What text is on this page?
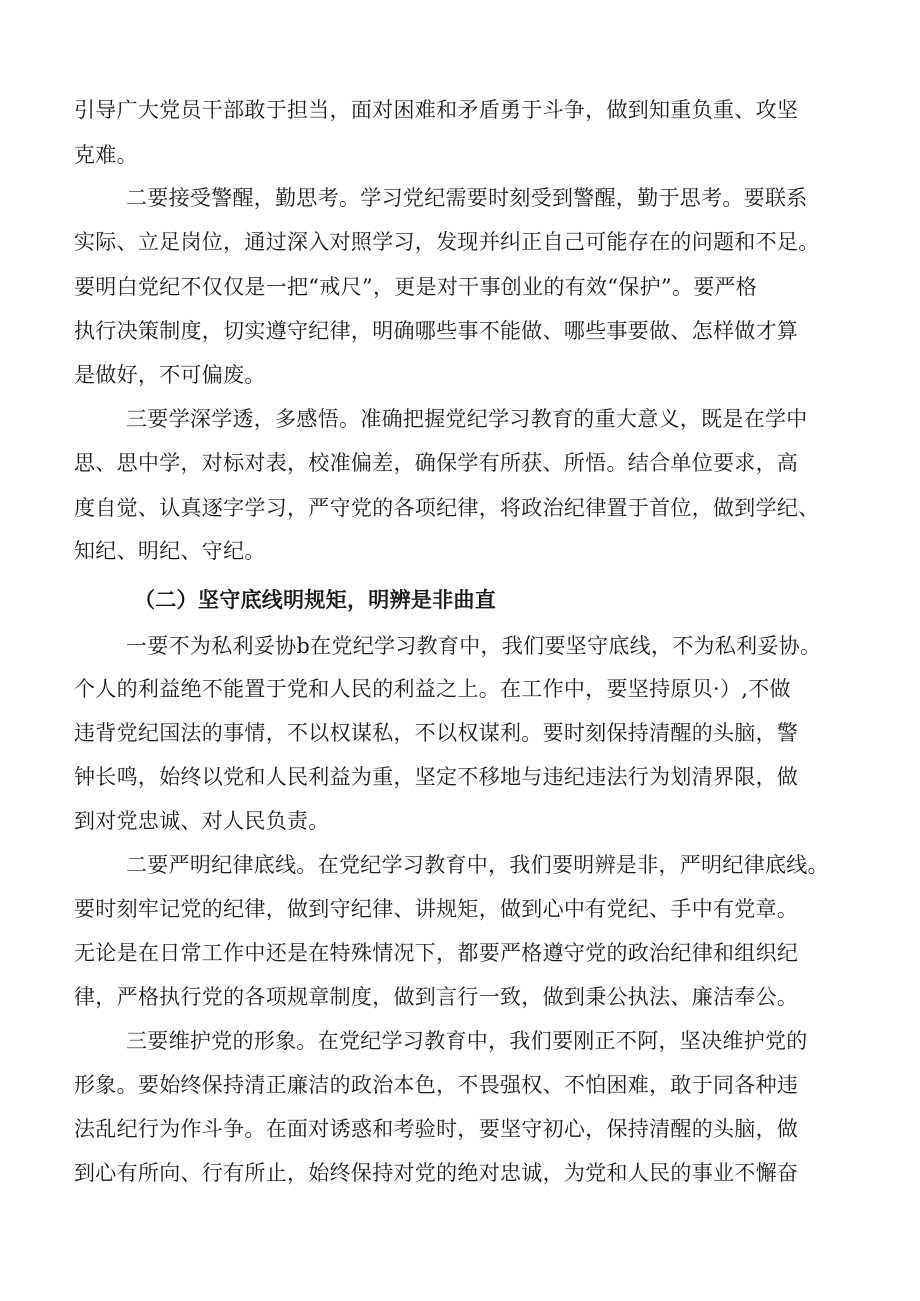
引导广大党员干部敢于担当，面对困难和矛盾勇于斗争，做到知重负重、攻坚
克难。
二要接受警醒，勤思考。学习党纪需要时刻受到警醒，勤于思考。要联系
实际、立足岗位，通过深入对照学习，发现并纠正自己可能存在的问题和不足。
要明白党纪不仅仅是一把“戒尺”，更是对干事创业的有效“保护”。要严格
执行决策制度，切实遵守纪律，明确哪些事不能做、哪些事要做、怎样做才算
是做好，不可偏废。
三要学深学透，多感悟。准确把握党纪学习教育的重大意义，既是在学中
思、思中学，对标对表，校准偏差，确保学有所获、所悟。结合单位要求，高
度自觉、认真逐字学习，严守党的各项纪律，将政治纪律置于首位，做到学纪、
知纪、明纪、守纪。
（二）坚守底线明规矩，明辨是非曲直
一要不为私利妥协b在党纪学习教育中，我们要坚守底线，不为私利妥协。
个人的利益绝不能置于党和人民的利益之上。在工作中，要坚持原贝·）,不做
违背党纪国法的事情，不以权谋私，不以权谋利。要时刻保持清醒的头脑，警
钟长鸣，始终以党和人民利益为重，坚定不移地与违纪违法行为划清界限，做
到对党忠诚、对人民负责。
二要严明纪律底线。在党纪学习教育中，我们要明辨是非，严明纪律底线。
要时刻牢记党的纪律，做到守纪律、讲规矩，做到心中有党纪、手中有党章。
无论是在日常工作中还是在特殊情况下，都要严格遵守党的政治纪律和组织纪
律，严格执行党的各项规章制度，做到言行一致，做到秉公执法、廉洁奉公。
三要维护党的形象。在党纪学习教育中，我们要刚正不阿，坚决维护党的
形象。要始终保持清正廉洁的政治本色，不畏强权、不怕困难，敢于同各种违
法乱纪行为作斗争。在面对诱惑和考验时，要坚守初心，保持清醒的头脑，做
到心有所向、行有所止，始终保持对党的绝对忠诚，为党和人民的事业不懈奋
